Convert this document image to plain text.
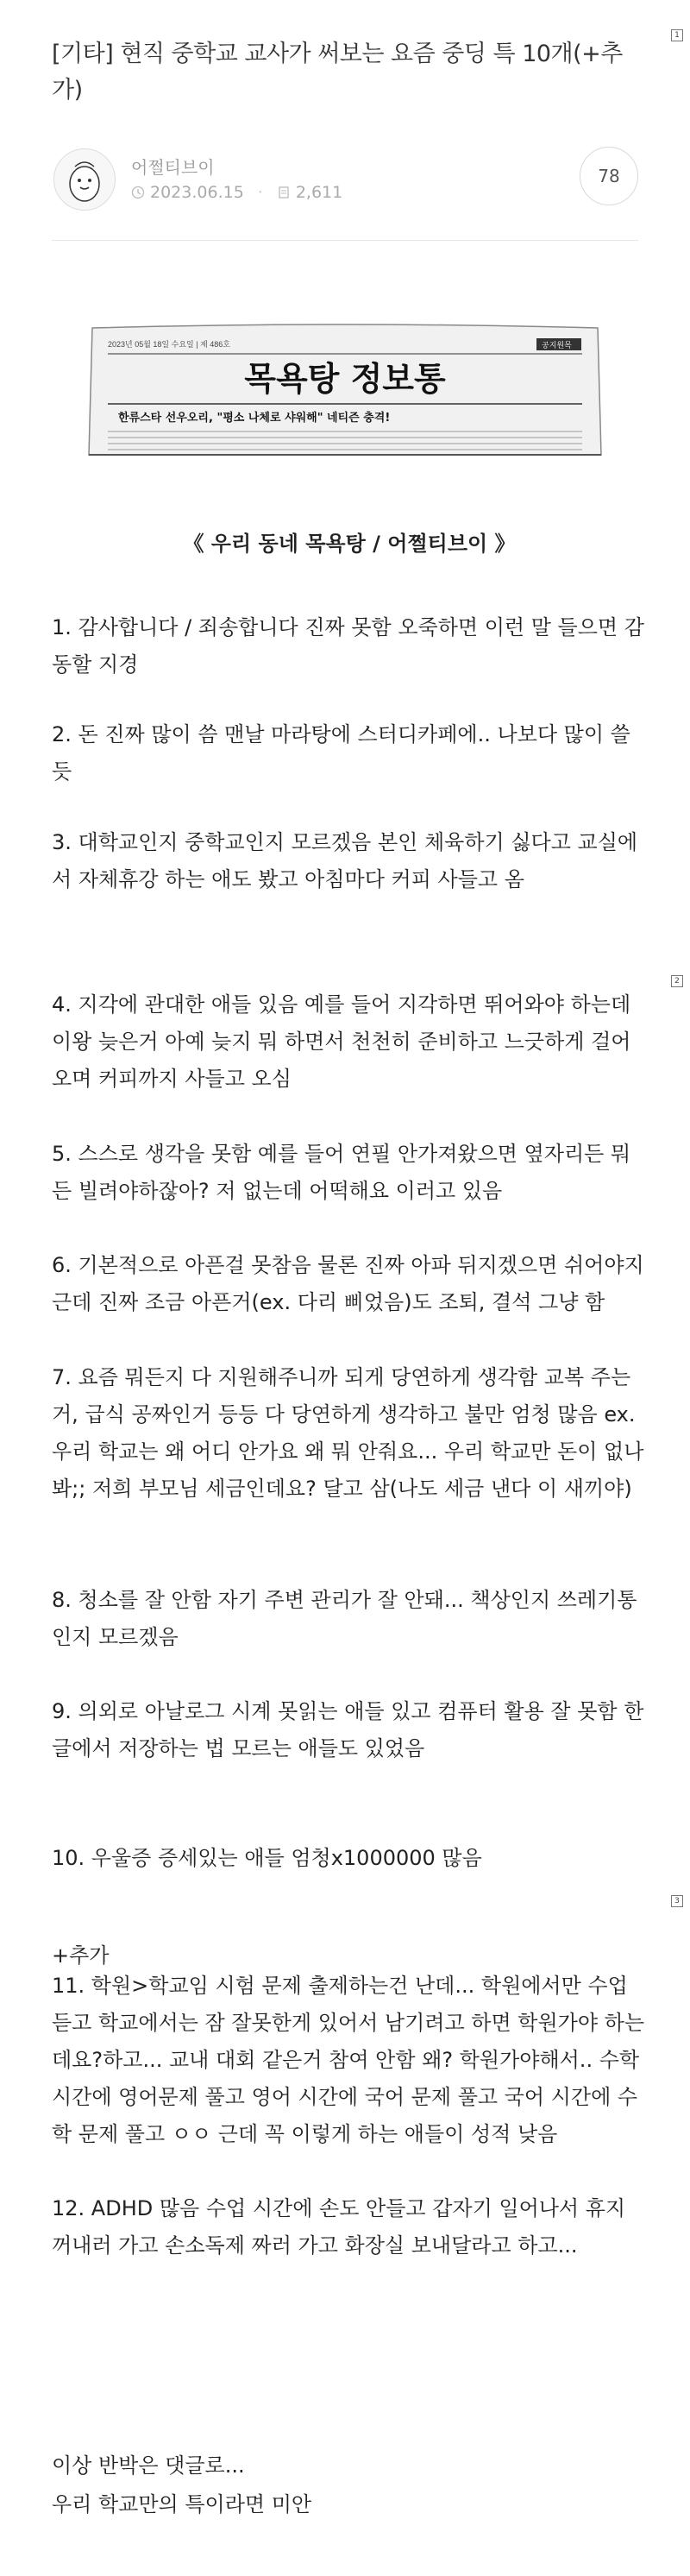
1
2
3
[기타] 현직 중학교 교사가 써보는 요즘 중딩 특 10개(+추가)
어쩔티브이
2023.06.15 · 2,611
78
2023년 05월 18일 수요일 | 제 486호	공지원목
목욕탕 정보통
한류스타 선우오리, "평소 나체로 샤워해" 네티즌 충격!
《 우리 동네 목욕탕 / 어쩔티브이 》

1. 감사합니다 / 죄송합니다 진짜 못함 오죽하면 이런 말 들으면 감동할 지경

2. 돈 진짜 많이 씀 맨날 마라탕에 스터디카페에.. 나보다 많이 쓸 듯

3. 대학교인지 중학교인지 모르겠음 본인 체육하기 싫다고 교실에서 자체휴강 하는 애도 봤고 아침마다 커피 사들고 옴

4. 지각에 관대한 애들 있음 예를 들어 지각하면 뛰어와야 하는데 이왕 늦은거 아예 늦지 뭐 하면서 천천히 준비하고 느긋하게 걸어오며 커피까지 사들고 오심

5. 스스로 생각을 못함 예를 들어 연필 안가져왔으면 옆자리든 뭐든 빌려야하잖아? 저 없는데 어떡해요 이러고 있음

6. 기본적으로 아픈걸 못참음 물론 진짜 아파 뒤지겠으면 쉬어야지 근데 진짜 조금 아픈거(ex. 다리 삐었음)도 조퇴, 결석 그냥 함

7. 요즘 뭐든지 다 지원해주니까 되게 당연하게 생각함 교복 주는거, 급식 공짜인거 등등 다 당연하게 생각하고 불만 엄청 많음 ex. 우리 학교는 왜 어디 안가요 왜 뭐 안줘요... 우리 학교만 돈이 없나봐;; 저희 부모님 세금인데요? 달고 삼(나도 세금 낸다 이 새끼야)

8. 청소를 잘 안함 자기 주변 관리가 잘 안돼... 책상인지 쓰레기통인지 모르겠음

9. 의외로 아날로그 시계 못읽는 애들 있고 컴퓨터 활용 잘 못함 한글에서 저장하는 법 모르는 애들도 있었음

10. 우울증 증세있는 애들 엄청x1000000 많음

+추가

11. 학원>학교임 시험 문제 출제하는건 난데... 학원에서만 수업듣고 학교에서는 잠 잘못한게 있어서 남기려고 하면 학원가야 하는데요?하고... 교내 대회 같은거 참여 안함 왜? 학원가야해서.. 수학 시간에 영어문제 풀고 영어 시간에 국어 문제 풀고 국어 시간에 수학 문제 풀고 ㅇㅇ 근데 꼭 이렇게 하는 애들이 성적 낮음

12. ADHD 많음 수업 시간에 손도 안들고 갑자기 일어나서 휴지 꺼내러 가고 손소독제 짜러 가고 화장실 보내달라고 하고...

이상 반박은 댓글로...

우리 학교만의 특이라면 미안
